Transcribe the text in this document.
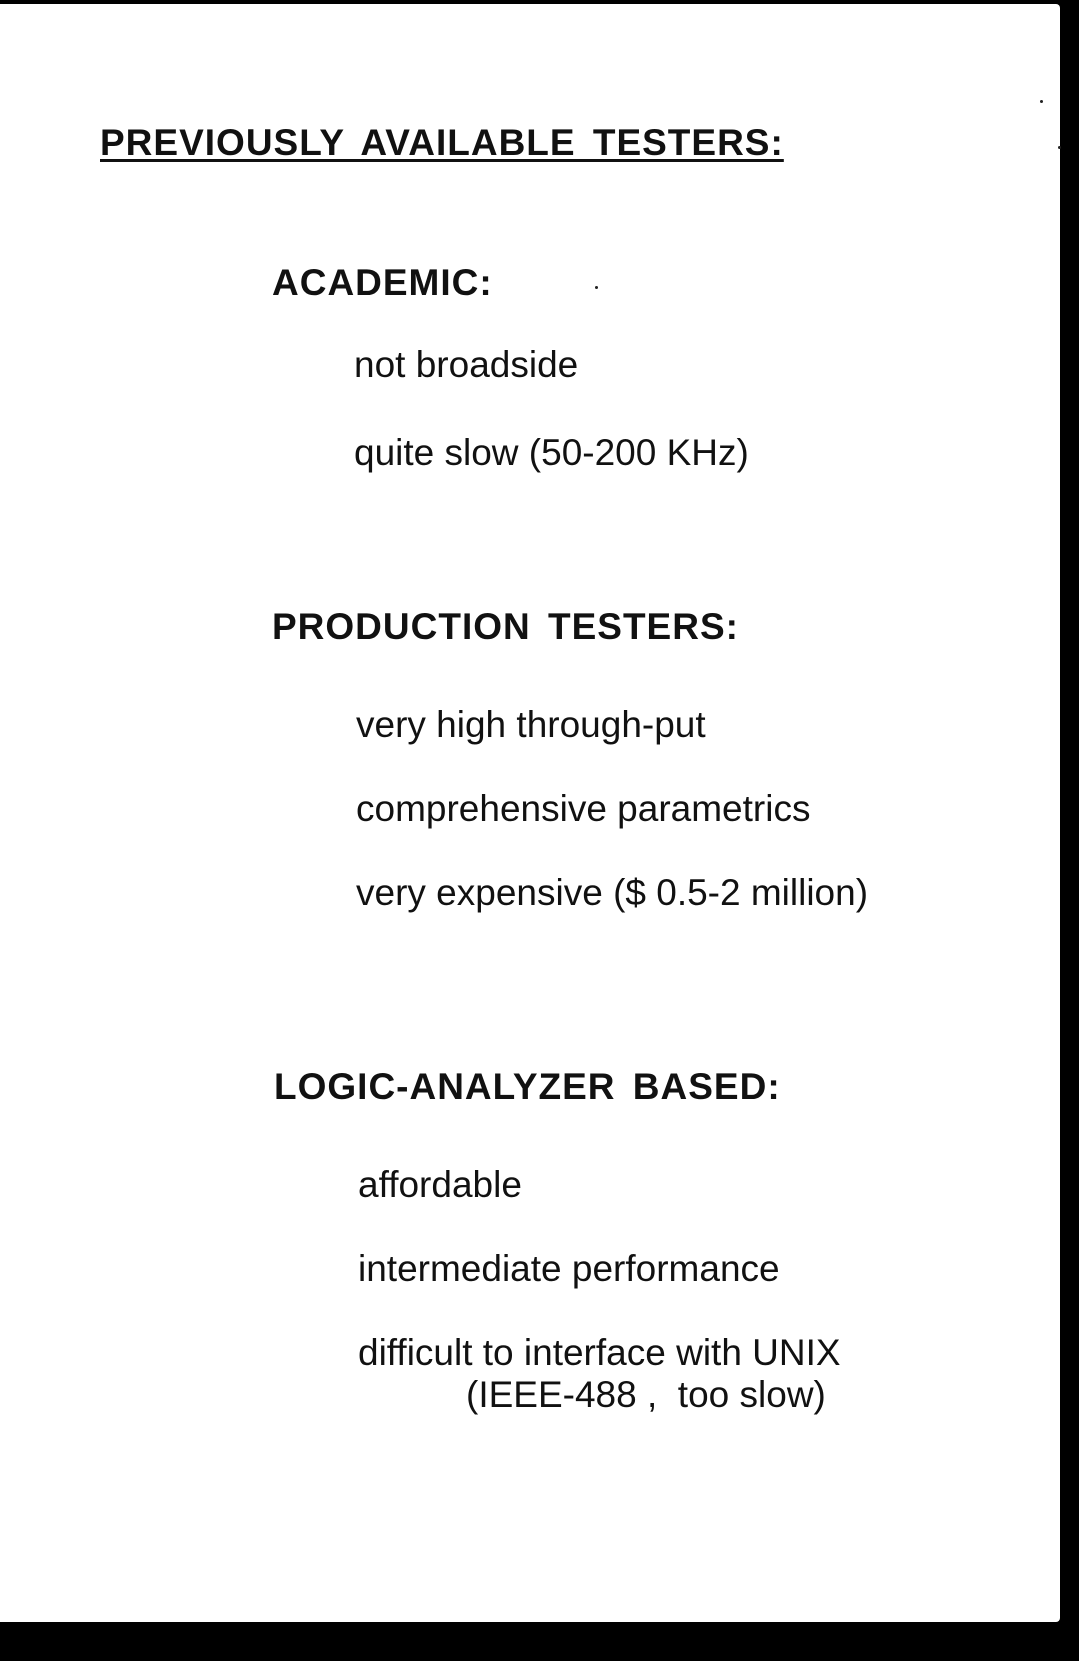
PREVIOUSLY AVAILABLE TESTERS:
ACADEMIC:

not broadside

quite slow (50-200 KHz)

PRODUCTION TESTERS:

very high through-put

comprehensive parametrics

very expensive ($ 0.5-2 million)

LOGIC-ANALYZER BASED:

affordable

intermediate performance

difficult to interface with UNIX

(IEEE-488 ,  too slow)
